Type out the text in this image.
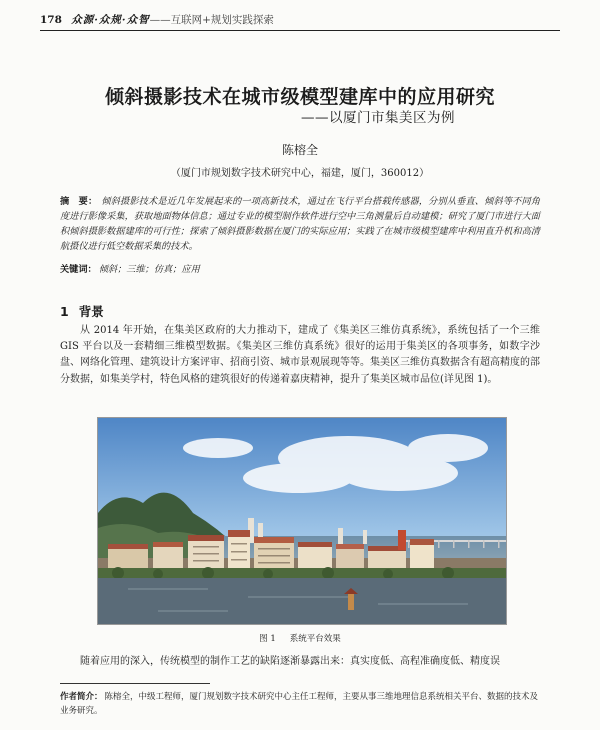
178 众源·众规·众智——互联网+规划实践探索
倾斜摄影技术在城市级模型建库中的应用研究
——以厦门市集美区为例
陈榕全
（厦门市规划数字技术研究中心，福建，厦门，360012）
摘　要： 倾斜摄影技术是近几年发展起来的一项高新技术，通过在飞行平台搭载传感器，分别从垂直、倾斜等不同角度进行影像采集，获取地面物体信息；通过专业的模型制作软件进行空中三角测量后自动建模；研究了厦门市进行大面积倾斜摄影数据建库的可行性；探索了倾斜摄影数据在厦门的实际应用；实践了在城市级模型建库中利用直升机和高清航摄仪进行低空数据采集的技术。
关键词： 倾斜；三维；仿真；应用
1 背景
从 2014 年开始，在集美区政府的大力推动下，建成了《集美区三维仿真系统》，系统包括了一个三维 GIS 平台以及一套精细三维模型数据。《集美区三维仿真系统》很好的运用于集美区的各项事务，如数字沙盘、网络化管理、建筑设计方案评审、招商引资、城市景观展现等等。集美区三维仿真数据含有超高精度的部分数据，如集美学村，特色风格的建筑很好的传递着嘉庚精神，提升了集美区城市品位(详见图 1)。
图 1 系统平台效果
随着应用的深入，传统模型的制作工艺的缺陷逐渐暴露出来：真实度低、高程准确度低、精度误
作者简介： 陈榕全，中级工程师，厦门规划数字技术研究中心主任工程师，主要从事三维地理信息系统相关平台、数据的技术及业务研究。
